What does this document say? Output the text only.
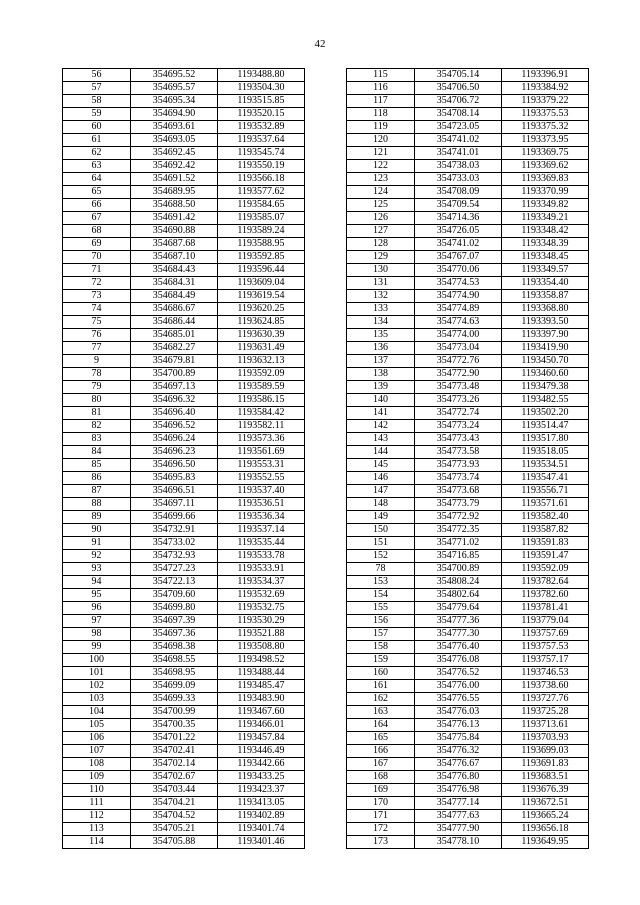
42
56	354695.52	1193488.80
57	354695.57	1193504.30
58	354695.34	1193515.85
59	354694.90	1193520.15
60	354693.61	1193532.89
61	354693.05	1193537.64
62	354692.45	1193545.74
63	354692.42	1193550.19
64	354691.52	1193566.18
65	354689.95	1193577.62
66	354688.50	1193584.65
67	354691.42	1193585.07
68	354690.88	1193589.24
69	354687.68	1193588.95
70	354687.10	1193592.85
71	354684.43	1193596.44
72	354684.31	1193609.04
73	354684.49	1193619.54
74	354686.67	1193620.25
75	354686.44	1193624.85
76	354685.01	1193630.39
77	354682.27	1193631.49
9	354679.81	1193632.13
78	354700.89	1193592.09
79	354697.13	1193589.59
80	354696.32	1193586.15
81	354696.40	1193584.42
82	354696.52	1193582.11
83	354696.24	1193573.36
84	354696.23	1193561.69
85	354696.50	1193553.31
86	354695.83	1193552.55
87	354696.51	1193537.40
88	354697.11	1193536.51
89	354699.66	1193536.34
90	354732.91	1193537.14
91	354733.02	1193535.44
92	354732.93	1193533.78
93	354727.23	1193533.91
94	354722.13	1193534.37
95	354709.60	1193532.69
96	354699.80	1193532.75
97	354697.39	1193530.29
98	354697.36	1193521.88
99	354698.38	1193508.80
100	354698.55	1193498.52
101	354698.95	1193488.44
102	354699.09	1193485.47
103	354699.33	1193483.90
104	354700.99	1193467.60
105	354700.35	1193466.01
106	354701.22	1193457.84
107	354702.41	1193446.49
108	354702.14	1193442.66
109	354702.67	1193433.25
110	354703.44	1193423.37
111	354704.21	1193413.05
112	354704.52	1193402.89
113	354705.21	1193401.74
114	354705.88	1193401.46
115	354705.14	1193396.91
116	354706.50	1193384.92
117	354706.72	1193379.22
118	354708.14	1193375.53
119	354723.05	1193375.32
120	354741.02	1193373.95
121	354741.01	1193369.75
122	354738.03	1193369.62
123	354733.03	1193369.83
124	354708.09	1193370.99
125	354709.54	1193349.82
126	354714.36	1193349.21
127	354726.05	1193348.42
128	354741.02	1193348.39
129	354767.07	1193348.45
130	354770.06	1193349.57
131	354774.53	1193354.40
132	354774.90	1193358.87
133	354774.89	1193368.80
134	354774.63	1193393.50
135	354774.00	1193397.90
136	354773.04	1193419.90
137	354772.76	1193450.70
138	354772.90	1193460.60
139	354773.48	1193479.38
140	354773.26	1193482.55
141	354772.74	1193502.20
142	354773.24	1193514.47
143	354773.43	1193517.80
144	354773.58	1193518.05
145	354773.93	1193534.51
146	354773.74	1193547.41
147	354773.68	1193556.71
148	354773.79	1193571.61
149	354772.92	1193582.40
150	354772.35	1193587.82
151	354771.02	1193591.83
152	354716.85	1193591.47
78	354700.89	1193592.09
153	354808.24	1193782.64
154	354802.64	1193782.60
155	354779.64	1193781.41
156	354777.36	1193779.04
157	354777.30	1193757.69
158	354776.40	1193757.53
159	354776.08	1193757.17
160	354776.52	1193746.53
161	354776.00	1193738.60
162	354776.55	1193727.76
163	354776.03	1193725.28
164	354776.13	1193713.61
165	354775.84	1193703.93
166	354776.32	1193699.03
167	354776.67	1193691.83
168	354776.80	1193683.51
169	354776.98	1193676.39
170	354777.14	1193672.51
171	354777.63	1193665.24
172	354777.90	1193656.18
173	354778.10	1193649.95
